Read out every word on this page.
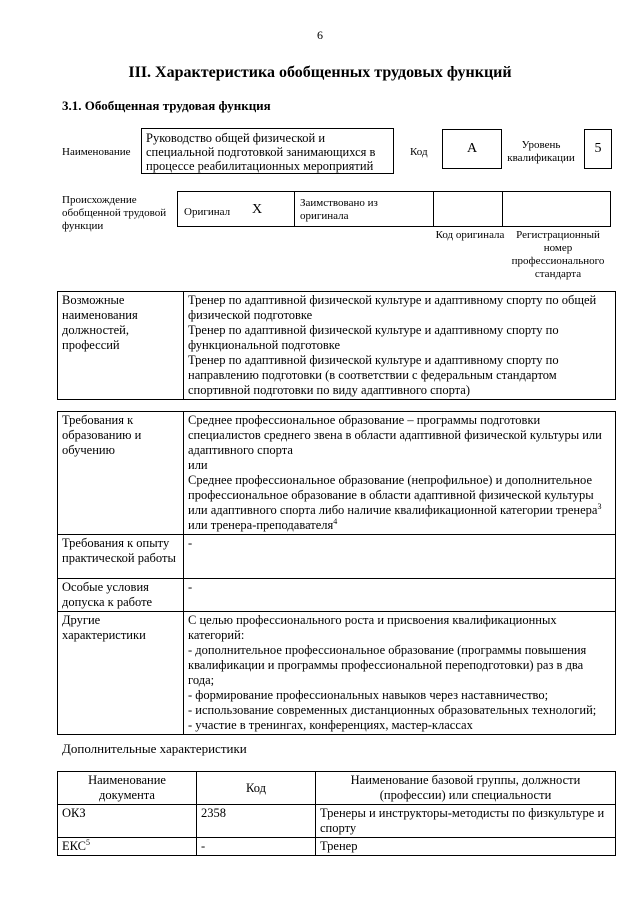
6
III. Характеристика обобщенных трудовых функций
3.1. Обобщенная трудовая функция
Наименование
Руководство общей физической и специальной подготовкой занимающихся в процессе реабилитационных мероприятий
Код	A	Уровень квалификации
5
Происхождение обобщенной трудовой функции
Оригинал X	Заимствовано из оригинала
Код оригинала	Регистрационный номер профессионального стандарта
Возможные наименования должностей, профессий	Тренер по адаптивной физической культуре и адаптивному спорту по общей физической подготовке
Тренер по адаптивной физической культуре и адаптивному спорту по функциональной подготовке
Тренер по адаптивной физической культуре и адаптивному спорту по направлению подготовки (в соответствии с федеральным стандартом спортивной подготовки по виду адаптивного спорта)
Требования к образованию и обучению	Среднее профессиональное образование – программы подготовки специалистов среднего звена в области адаптивной физической культуры или адаптивного спорта
или
Среднее профессиональное образование (непрофильное) и дополнительное профессиональное образование в области адаптивной физической культуры или адаптивного спорта либо наличие квалификационной категории тренера$^3$ или тренера-преподавателя$^4$
Требования к опыту практической работы	-
Особые условия допуска к работе	-
Другие характеристики	С целью профессионального роста и присвоения квалификационных категорий:
- дополнительное профессиональное образование (программы повышения квалификации и программы профессиональной переподготовки) раз в два года;
- формирование профессиональных навыков через наставничество;
- использование современных дистанционных образовательных технологий;
- участие в тренингах, конференциях, мастер-классах
Дополнительные характеристики
Наименование документа	Код	Наименование базовой группы, должности (профессии) или специальности
ОКЗ	2358	Тренеры и инструкторы-методисты по физкультуре и спорту
ЕКС$^5$	-	Тренер
